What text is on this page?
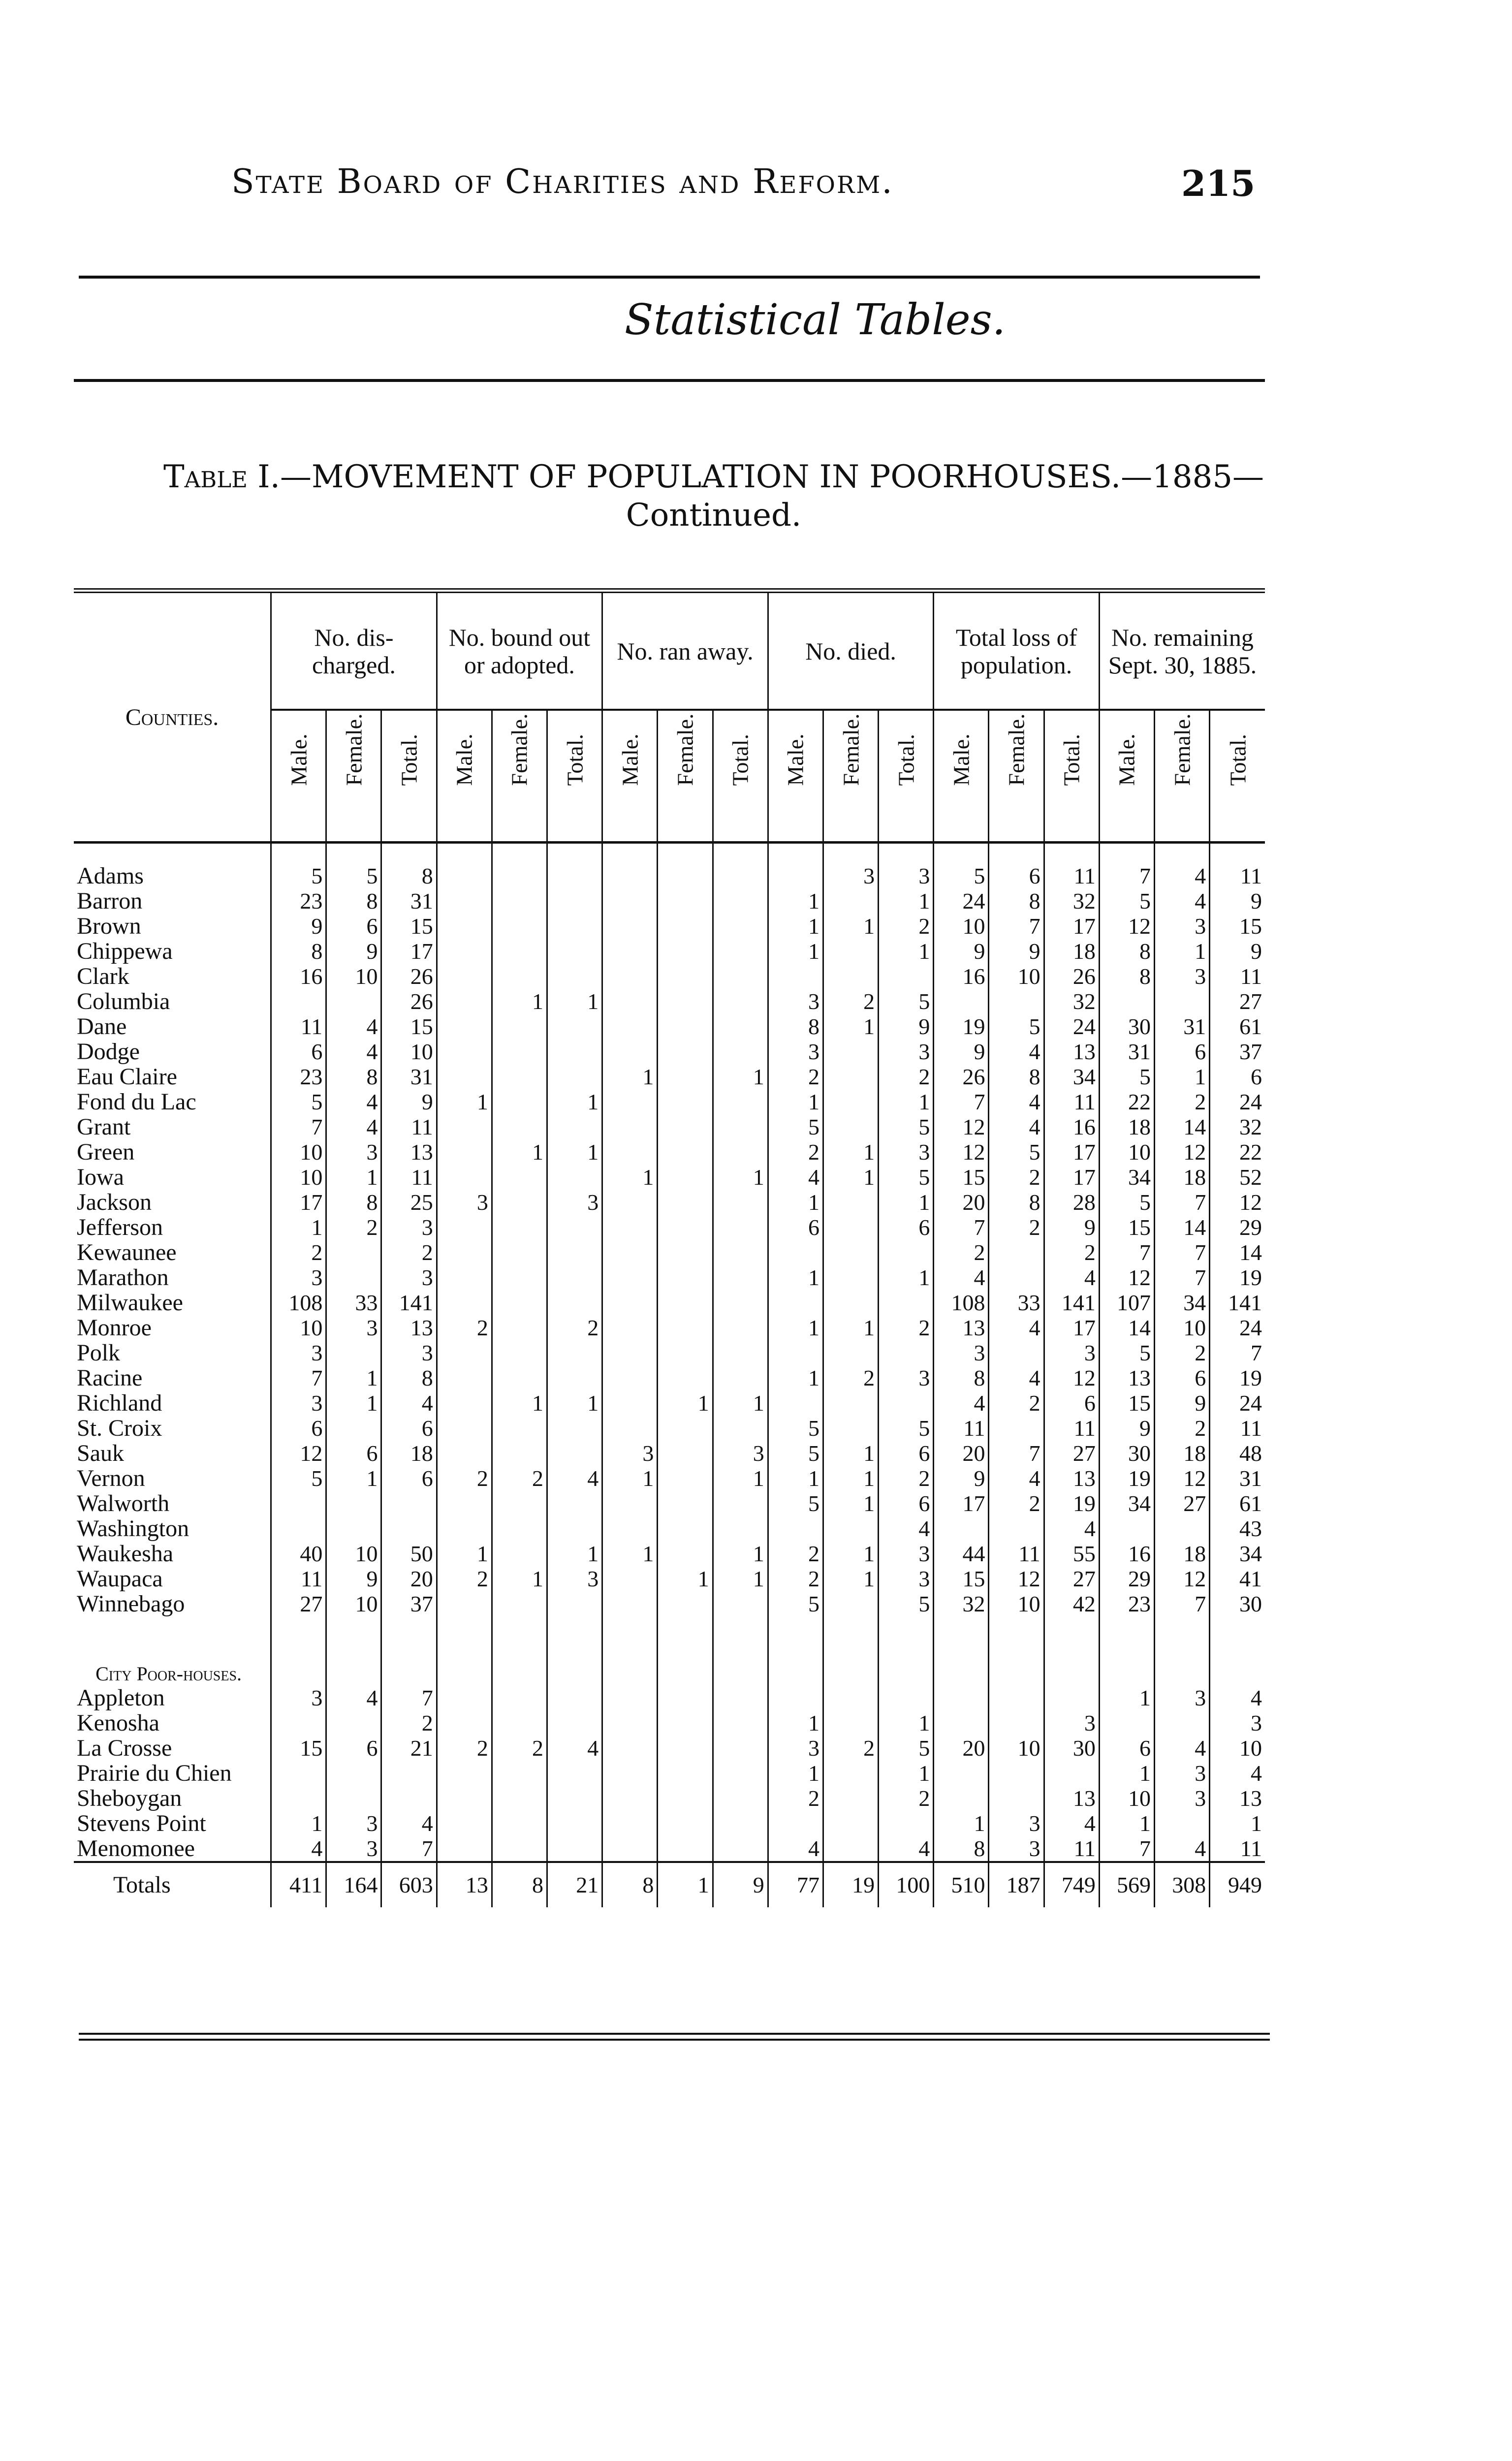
State Board of Charities and Reform.	215
Statistical Tables.
Table I.—MOVEMENT OF POPULATION IN POORHOUSES.—1885—
Continued.
Counties.	No. dis- charged.			No. bound out or adopted.			No. ran away.			No. died.			Total loss of population.			No. remaining Sept. 30, 1885.		

	Male.	Female.	Total.	Male.	Female.	Total.	Male.	Female.	Total.	Male.	Female.	Total.	Male.	Female.	Total.	Male.	Female.	Total.

Adams	5	5	8								3	3	5	6	11	7	4	11
Barron	23	8	31							1		1	24	8	32	5	4	9
Brown	9	6	15							1	1	2	10	7	17	12	3	15
Chippewa	8	9	17							1		1	9	9	18	8	1	9
Clark	16	10	26										16	10	26	8	3	11
Columbia			26		1	1				3	2	5			32			27
Dane	11	4	15							8	1	9	19	5	24	30	31	61
Dodge	6	4	10							3		3	9	4	13	31	6	37
Eau Claire	23	8	31				1		1	2		2	26	8	34	5	1	6
Fond du Lac	5	4	9	1		1				1		1	7	4	11	22	2	24
Grant	7	4	11							5		5	12	4	16	18	14	32
Green	10	3	13		1	1				2	1	3	12	5	17	10	12	22
Iowa	10	1	11				1		1	4	1	5	15	2	17	34	18	52
Jackson	17	8	25	3		3				1		1	20	8	28	5	7	12
Jefferson	1	2	3							6		6	7	2	9	15	14	29
Kewaunee	2		2										2		2	7	7	14
Marathon	3		3							1		1	4		4	12	7	19
Milwaukee	108	33	141										108	33	141	107	34	141
Monroe	10	3	13	2		2				1	1	2	13	4	17	14	10	24
Polk	3		3										3		3	5	2	7
Racine	7	1	8							1	2	3	8	4	12	13	6	19
Richland	3	1	4		1	1		1	1				4	2	6	15	9	24
St. Croix	6		6							5		5	11		11	9	2	11
Sauk	12	6	18				3		3	5	1	6	20	7	27	30	18	48
Vernon	5	1	6	2	2	4	1		1	1	1	2	9	4	13	19	12	31
Walworth										5	1	6	17	2	19	34	27	61
Washington												4			4			43
Waukesha	40	10	50	1		1	1		1	2	1	3	44	11	55	16	18	34
Waupaca	11	9	20	2	1	3		1	1	2	1	3	15	12	27	29	12	41
Winnebago	27	10	37							5		5	32	10	42	23	7	30
City Poor-houses.																		
Appleton	3	4	7													1	3	4
Kenosha			2							1		1			3			3
La Crosse	15	6	21	2	2	4				3	2	5	20	10	30	6	4	10
Prairie du Chien										1		1				1	3	4
Sheboygan										2		2			13	10	3	13
Stevens Point	1	3	4										1	3	4	1		1
Menomonee	4	3	7							4		4	8	3	11	7	4	11
Totals	411	164	603	13	8	21	8	1	9	77	19	100	510	187	749	569	308	949
